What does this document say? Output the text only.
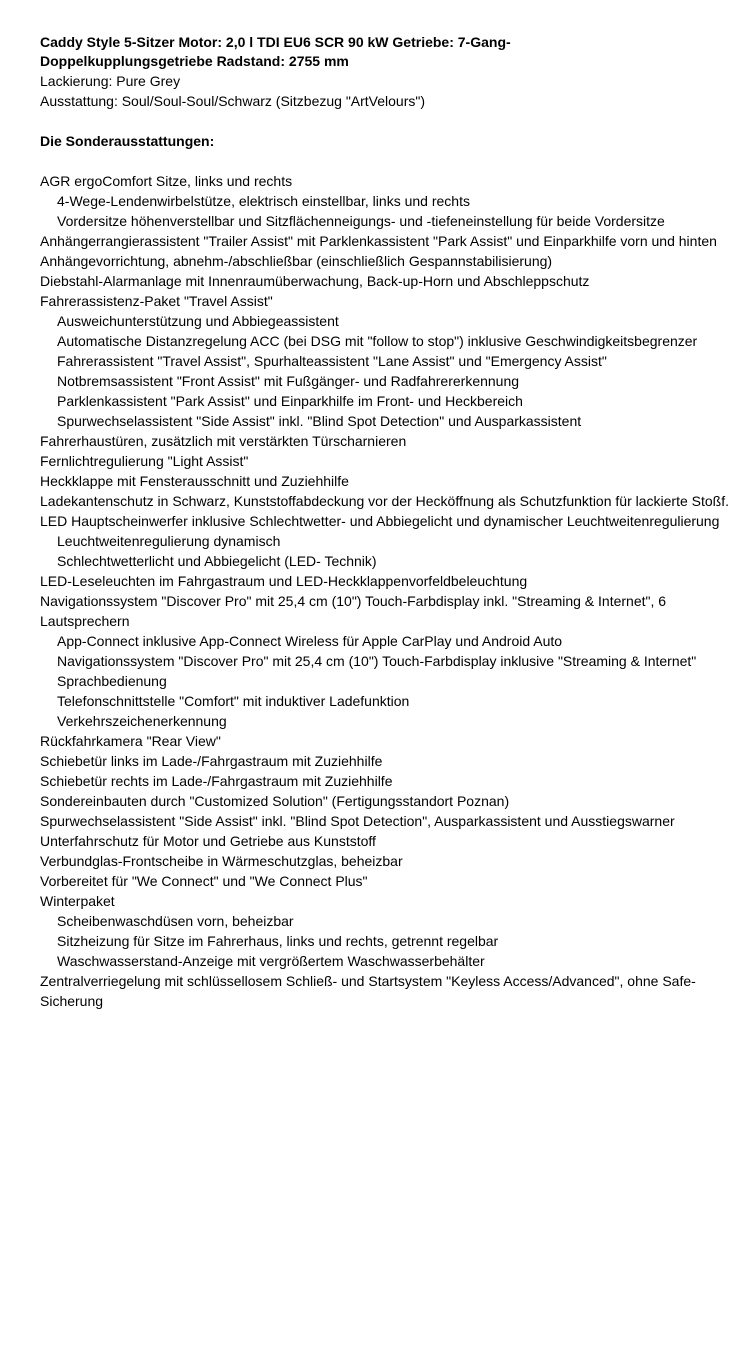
Caddy Style 5-Sitzer Motor: 2,0 l TDI EU6 SCR 90 kW Getriebe: 7-Gang-Doppelkupplungsgetriebe Radstand: 2755 mm
Lackierung: Pure Grey
Ausstattung: Soul/Soul-Soul/Schwarz (Sitzbezug "ArtVelours")
Die Sonderausstattungen:
AGR ergoComfort Sitze, links und rechts
4-Wege-Lendenwirbelstütze, elektrisch einstellbar, links und rechts
Vordersitze höhenverstellbar und Sitzflächenneigungs- und -tiefeneinstellung für beide Vordersitze
Anhängerrangierassistent "Trailer Assist" mit Parklenkassistent "Park Assist" und Einparkhilfe vorn und hinten
Anhängevorrichtung, abnehm-/abschließbar (einschließlich Gespannstabilisierung)
Diebstahl-Alarmanlage mit Innenraumüberwachung, Back-up-Horn und Abschleppschutz
Fahrerassistenz-Paket "Travel Assist"
Ausweichunterstützung und Abbiegeassistent
Automatische Distanzregelung ACC (bei DSG mit "follow to stop") inklusive Geschwindigkeitsbegrenzer
Fahrerassistent "Travel Assist", Spurhalteassistent "Lane Assist" und "Emergency Assist"
Notbremsassistent "Front Assist" mit Fußgänger- und Radfahrererkennung
Parklenkassistent "Park Assist" und Einparkhilfe im Front- und Heckbereich
Spurwechselassistent "Side Assist" inkl. "Blind Spot Detection" und Ausparkassistent
Fahrerhaustüren, zusätzlich mit verstärkten Türscharnieren
Fernlichtregulierung "Light Assist"
Heckklappe mit Fensterausschnitt und Zuziehhilfe
Ladekantenschutz in Schwarz, Kunststoffabdeckung vor der Hecköffnung als Schutzfunktion für lackierte Stoßf.
LED Hauptscheinwerfer inklusive Schlechtwetter- und Abbiegelicht und dynamischer Leuchtweitenregulierung
Leuchtweitenregulierung dynamisch
Schlechtwetterlicht und Abbiegelicht (LED- Technik)
LED-Leseleuchten im Fahrgastraum und LED-Heckklappenvorfeldbeleuchtung
Navigationssystem "Discover Pro" mit 25,4 cm (10") Touch-Farbdisplay inkl. "Streaming & Internet", 6 Lautsprechern
App-Connect inklusive App-Connect Wireless für Apple CarPlay und Android Auto
Navigationssystem "Discover Pro" mit 25,4 cm (10") Touch-Farbdisplay inklusive "Streaming & Internet"
Sprachbedienung
Telefonschnittstelle "Comfort" mit induktiver Ladefunktion
Verkehrszeichenerkennung
Rückfahrkamera "Rear View"
Schiebetür links im Lade-/Fahrgastraum mit Zuziehhilfe
Schiebetür rechts im Lade-/Fahrgastraum mit Zuziehhilfe
Sondereinbauten durch "Customized Solution" (Fertigungsstandort Poznan)
Spurwechselassistent "Side Assist" inkl. "Blind Spot Detection", Ausparkassistent und Ausstiegswarner
Unterfahrschutz für Motor und Getriebe aus Kunststoff
Verbundglas-Frontscheibe in Wärmeschutzglas, beheizbar
Vorbereitet für "We Connect" und "We Connect Plus"
Winterpaket
Scheibenwaschdüsen vorn, beheizbar
Sitzheizung für Sitze im Fahrerhaus, links und rechts, getrennt regelbar
Waschwasserstand-Anzeige mit vergrößertem Waschwasserbehälter
Zentralverriegelung mit schlüssellosem Schließ- und Startsystem "Keyless Access/Advanced", ohne Safe-Sicherung
